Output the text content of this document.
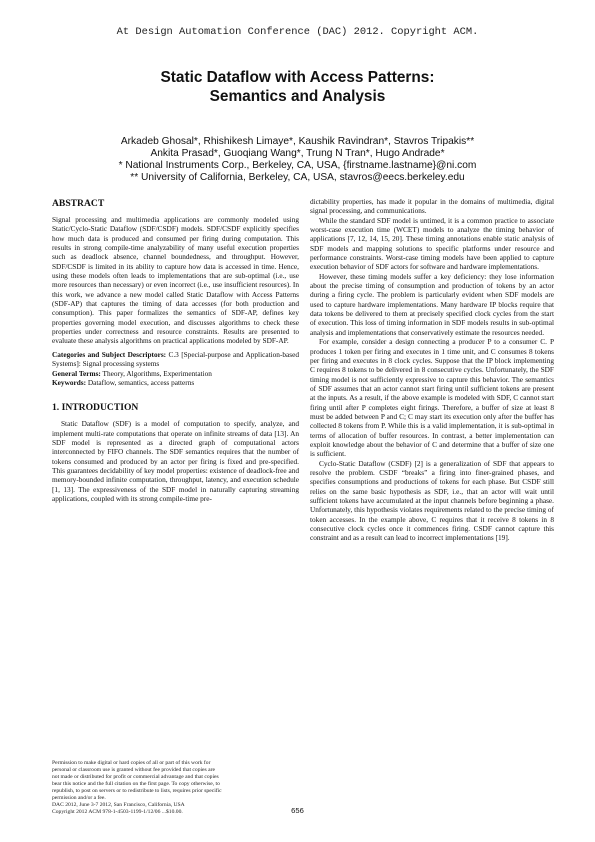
At Design Automation Conference (DAC) 2012. Copyright ACM.

Static Dataflow with Access Patterns:

Semantics and Analysis

Arkadeb Ghosal*, Rhishikesh Limaye*, Kaushik Ravindran*, Stavros Tripakis**
Ankita Prasad*, Guoqiang Wang*, Trung N Tran*, Hugo Andrade*
* National Instruments Corp., Berkeley, CA, USA, {firstname.lastname}@ni.com
** University of California, Berkeley, CA, USA, stavros@eecs.berkeley.edu
ABSTRACT

Signal processing and multimedia applications are commonly modeled using Static/Cyclo-Static Dataflow (SDF/CSDF) models. SDF/CSDF explicitly specifies how much data is produced and consumed per firing during computation. This results in strong compile-time analyzability of many useful execution properties such as deadlock absence, channel boundedness, and throughput. However, SDF/CSDF is limited in its ability to capture how data is accessed in time. Hence, using these models often leads to implementations that are sub-optimal (i.e., use more resources than necessary) or even incorrect (i.e., use insufficient resources). In this work, we advance a new model called Static Dataflow with Access Patterns (SDF-AP) that captures the timing of data accesses (for both production and consumption). This paper formalizes the semantics of SDF-AP, defines key properties governing model execution, and discusses algorithms to check these properties under correctness and resource constraints. Results are presented to evaluate these analysis algorithms on practical applications modeled by SDF-AP.

Categories and Subject Descriptors: C.3 [Special-purpose and Application-based Systems]: Signal processing systems

General Terms: Theory, Algorithms, Experimentation

Keywords: Dataflow, semantics, access patterns

1. INTRODUCTION

Static Dataflow (SDF) is a model of computation to specify, analyze, and implement multi-rate computations that operate on infinite streams of data [13]. An SDF model is represented as a directed graph of computational actors interconnected by FIFO channels. The SDF semantics requires that the number of tokens consumed and produced by an actor per firing is fixed and pre-specified. This guarantees decidability of key model properties: existence of deadlock-free and memory-bounded infinite computation, throughput, latency, and execution schedule [1, 13]. The expressiveness of the SDF model in naturally capturing streaming applications, coupled with its strong compile-time pre-

Permission to make digital or hard copies of all or part of this work for
personal or classroom use is granted without fee provided that copies are
not made or distributed for profit or commercial advantage and that copies
bear this notice and the full citation on the first page. To copy otherwise, to
republish, to post on servers or to redistribute to lists, requires prior specific
permission and/or a fee.
DAC 2012, June 3-7 2012, San Francisco, California, USA
Copyright 2012 ACM 978-1-4503-1199-1/12/06 ...$10.00.

dictability properties, has made it popular in the domains of multimedia, digital signal processing, and communications.

While the standard SDF model is untimed, it is a common practice to associate worst-case execution time (WCET) models to analyze the timing behavior of applications [7, 12, 14, 15, 20]. These timing annotations enable static analysis of SDF models and mapping solutions to specific platforms under resource and performance constraints. Worst-case timing models have been applied to capture execution behavior of SDF actors for software and hardware implementations.

However, these timing models suffer a key deficiency: they lose information about the precise timing of consumption and production of tokens by an actor during a firing cycle. The problem is particularly evident when SDF models are used to capture hardware implementations. Many hardware IP blocks require that data tokens be delivered to them at precisely specified clock cycles from the start of execution. This loss of timing information in SDF models results in sub-optimal analysis and implementations that conservatively estimate the resources needed.

For example, consider a design connecting a producer P to a consumer C. P produces 1 token per firing and executes in 1 time unit, and C consumes 8 tokens per firing and executes in 8 clock cycles. Suppose that the IP block implementing C requires 8 tokens to be delivered in 8 consecutive cycles. Unfortunately, the SDF timing model is not sufficiently expressive to capture this behavior. The semantics of SDF assumes that an actor cannot start firing until sufficient tokens are present at the inputs. As a result, if the above example is modeled with SDF, C cannot start firing until after P completes eight firings. Therefore, a buffer of size at least 8 must be added between P and C; C may start its execution only after the buffer has collected 8 tokens from P. While this is a valid implementation, it is sub-optimal in terms of allocation of buffer resources. In contrast, a better implementation can exploit knowledge about the behavior of C and determine that a buffer of size one is sufficient.

Cyclo-Static Dataflow (CSDF) [2] is a generalization of SDF that appears to resolve the problem. CSDF “breaks” a firing into finer-grained phases, and specifies consumptions and productions of tokens for each phase. But CSDF still relies on the same basic hypothesis as SDF, i.e., that an actor will wait until sufficient tokens have accumulated at the input channels before beginning a phase. Unfortunately, this hypothesis violates requirements related to the precise timing of token accesses. In the example above, C requires that it receive 8 tokens in 8 consecutive clock cycles once it commences firing. CSDF cannot capture this constraint and as a result can lead to incorrect implementations [19].

656
